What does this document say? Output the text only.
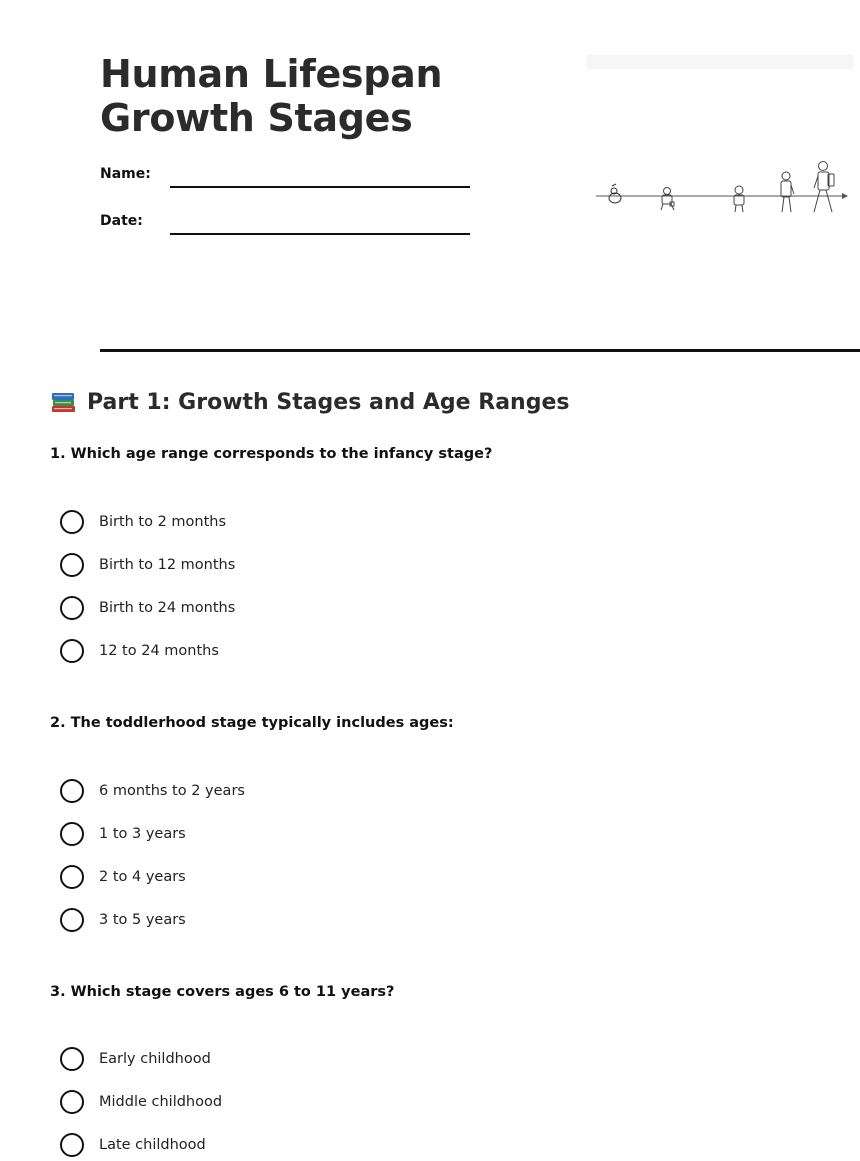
Human Lifespan Growth Stages
Name:
Date:
Part 1: Growth Stages and Age Ranges
1. Which age range corresponds to the infancy stage?
Birth to 2 months
Birth to 12 months
Birth to 24 months
12 to 24 months
2. The toddlerhood stage typically includes ages:
6 months to 2 years
1 to 3 years
2 to 4 years
3 to 5 years
3. Which stage covers ages 6 to 11 years?
Early childhood
Middle childhood
Late childhood
